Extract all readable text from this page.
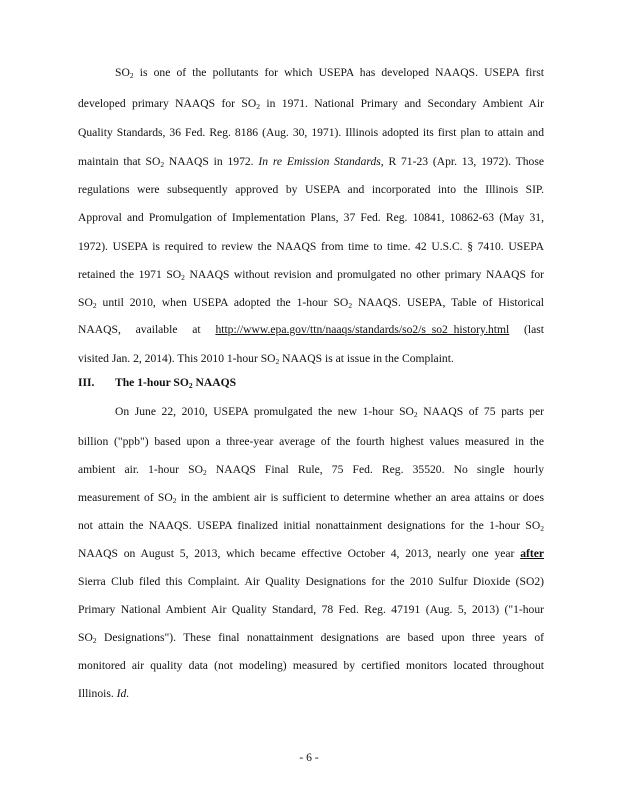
$SO_2$ is one of the pollutants for which USEPA has developed NAAQS. USEPA first
developed primary NAAQS for $SO_2$ in 1971. National Primary and Secondary Ambient Air
Quality Standards, 36 Fed. Reg. 8186 (Aug. 30, 1971). Illinois adopted its first plan to attain and
maintain that $SO_2$ NAAQS in 1972. In re Emission Standards, R 71-23 (Apr. 13, 1972). Those
regulations were subsequently approved by USEPA and incorporated into the Illinois SIP.
Approval and Promulgation of Implementation Plans, 37 Fed. Reg. 10841, 10862-63 (May 31,
1972). USEPA is required to review the NAAQS from time to time. 42 U.S.C. § 7410. USEPA
retained the 1971 $SO_2$ NAAQS without revision and promulgated no other primary NAAQS for
$SO_2$ until 2010, when USEPA adopted the 1-hour $SO_2$ NAAQS. USEPA, Table of Historical
NAAQS, available at http://www.epa.gov/ttn/naaqs/standards/so2/s_so2_history.html (last
visited Jan. 2, 2014). This 2010 1-hour $SO_2$ NAAQS is at issue in the Complaint.
III. The 1-hour $SO_2$ NAAQS
On June 22, 2010, USEPA promulgated the new 1-hour $SO_2$ NAAQS of 75 parts per
billion ("ppb") based upon a three-year average of the fourth highest values measured in the
ambient air. 1-hour $SO_2$ NAAQS Final Rule, 75 Fed. Reg. 35520. No single hourly
measurement of $SO_2$ in the ambient air is sufficient to determine whether an area attains or does
not attain the NAAQS. USEPA finalized initial nonattainment designations for the 1-hour $SO_2$
NAAQS on August 5, 2013, which became effective October 4, 2013, nearly one year after
Sierra Club filed this Complaint. Air Quality Designations for the 2010 Sulfur Dioxide (SO2)
Primary National Ambient Air Quality Standard, 78 Fed. Reg. 47191 (Aug. 5, 2013) ("1-hour
$SO_2$ Designations"). These final nonattainment designations are based upon three years of
monitored air quality data (not modeling) measured by certified monitors located throughout
Illinois. Id.
- 6 -
